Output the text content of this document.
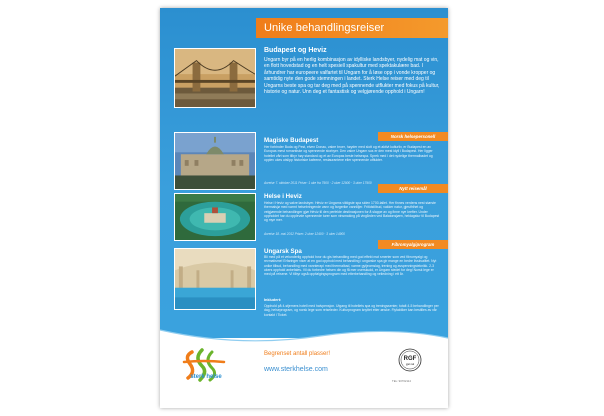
Unike behandlingsreiser
Budapest og Heviz
Ungarn byr på en herlig kombinasjon av idylliske landsbyer, nydelig mat og vin, en flott hovedstad og en helt spesiell spakultur med spektakulære bad. I århundrer har europeere valfartet til Ungarn for å løse opp i vonde kropper og samtidig nyte den gode stemningen i landet. Sterk Helse reiser med deg til Ungarns beste spa og tar deg med på spennende utflukter med fokus på kultur, historie og natur. Unn deg et fantastisk og velgjørende opphold i Ungarn!
Norsk helsepersonell
Magiske Budapest
Her forbinder Buda og Pest, elven Donau, vakre broer, høyder med slott og et aktivt kulturliv, er Budapest en av Europas mest romantiske og spennende storbyer. Den vakre Ungarn sus er den mest idyll i Budapest. Her ligger hotellet vårt som tilbyr høy standard og et av Europas beste helsespa. Sprek med i det nydelige thermalbadet og opplev ukes utslipp historiske kafeene, restaurantene eller spennende utflukter.
Avreise 7. oktober 2011 Priser: 1 uke fra 7900 · 2 uker 12900 · 3 uker 17900
Nytt reisemål
Helse i Heviz
Helse i Heviz og vakre landsbyer. Hévíz er Ungarns viktigste spa siden 1700-tallet. Her finnes verdens nest største thermalsjø med varmt helsebringende vann og fargerike vannliljer. Fritidstilbud, vakker natur, gjestfrihet og velgjørende behandlinger gjør Hévíz til den perfekte destinasjonen for å slappe av og finne nye krefter. Under oppholdet har du opplevde spennende turer som vinsmaking på vingården ved Balatonsjøen, heldagstur til Budapest og mye mer.
Avreise 18. mai 2012 Priser: 2 uker 12400 · 3 uker 14900
Fibromyalgiprogram
Ungarsk Spa
Bli med på et velunderlig opphold hvor du gis behandling med god effekt mot smerter som ved fibromyalgi og revmatisme! Erfaringer viser at en god opphold med behandling i ungarske spa gir mange en bedre livskvalitet. Nyt unike tilbud, behandling med vannterapi med thermalbad, varme gytjeomslag, trening og avspenningsteknikk. 2-3 ukers opphold anbefales. Vil du forbedre helsen din og få mer overskudd, er Ungarn stedet for deg! Norsk lege er med på reisene. Vi tilbyr også oppfølgingsprogram med etterbehandling og veiledning i ett år.
Inkludert:
Opphold på 4-stjerners hotell med halvpensjon. Utgang til hotellets spa og treningssenter, totalt 4-5 behandlinger per dag, helseprogram, og norsk lege som reiseleder. Kulturprogram knyttet etter ønske. Flyfaktiker kan bestilles av vår kontakt i Ticket.
sterk helse
Begrenset antall plasser!
www.sterkhelse.com
RGF
gjel rak
TEL: 90762114
